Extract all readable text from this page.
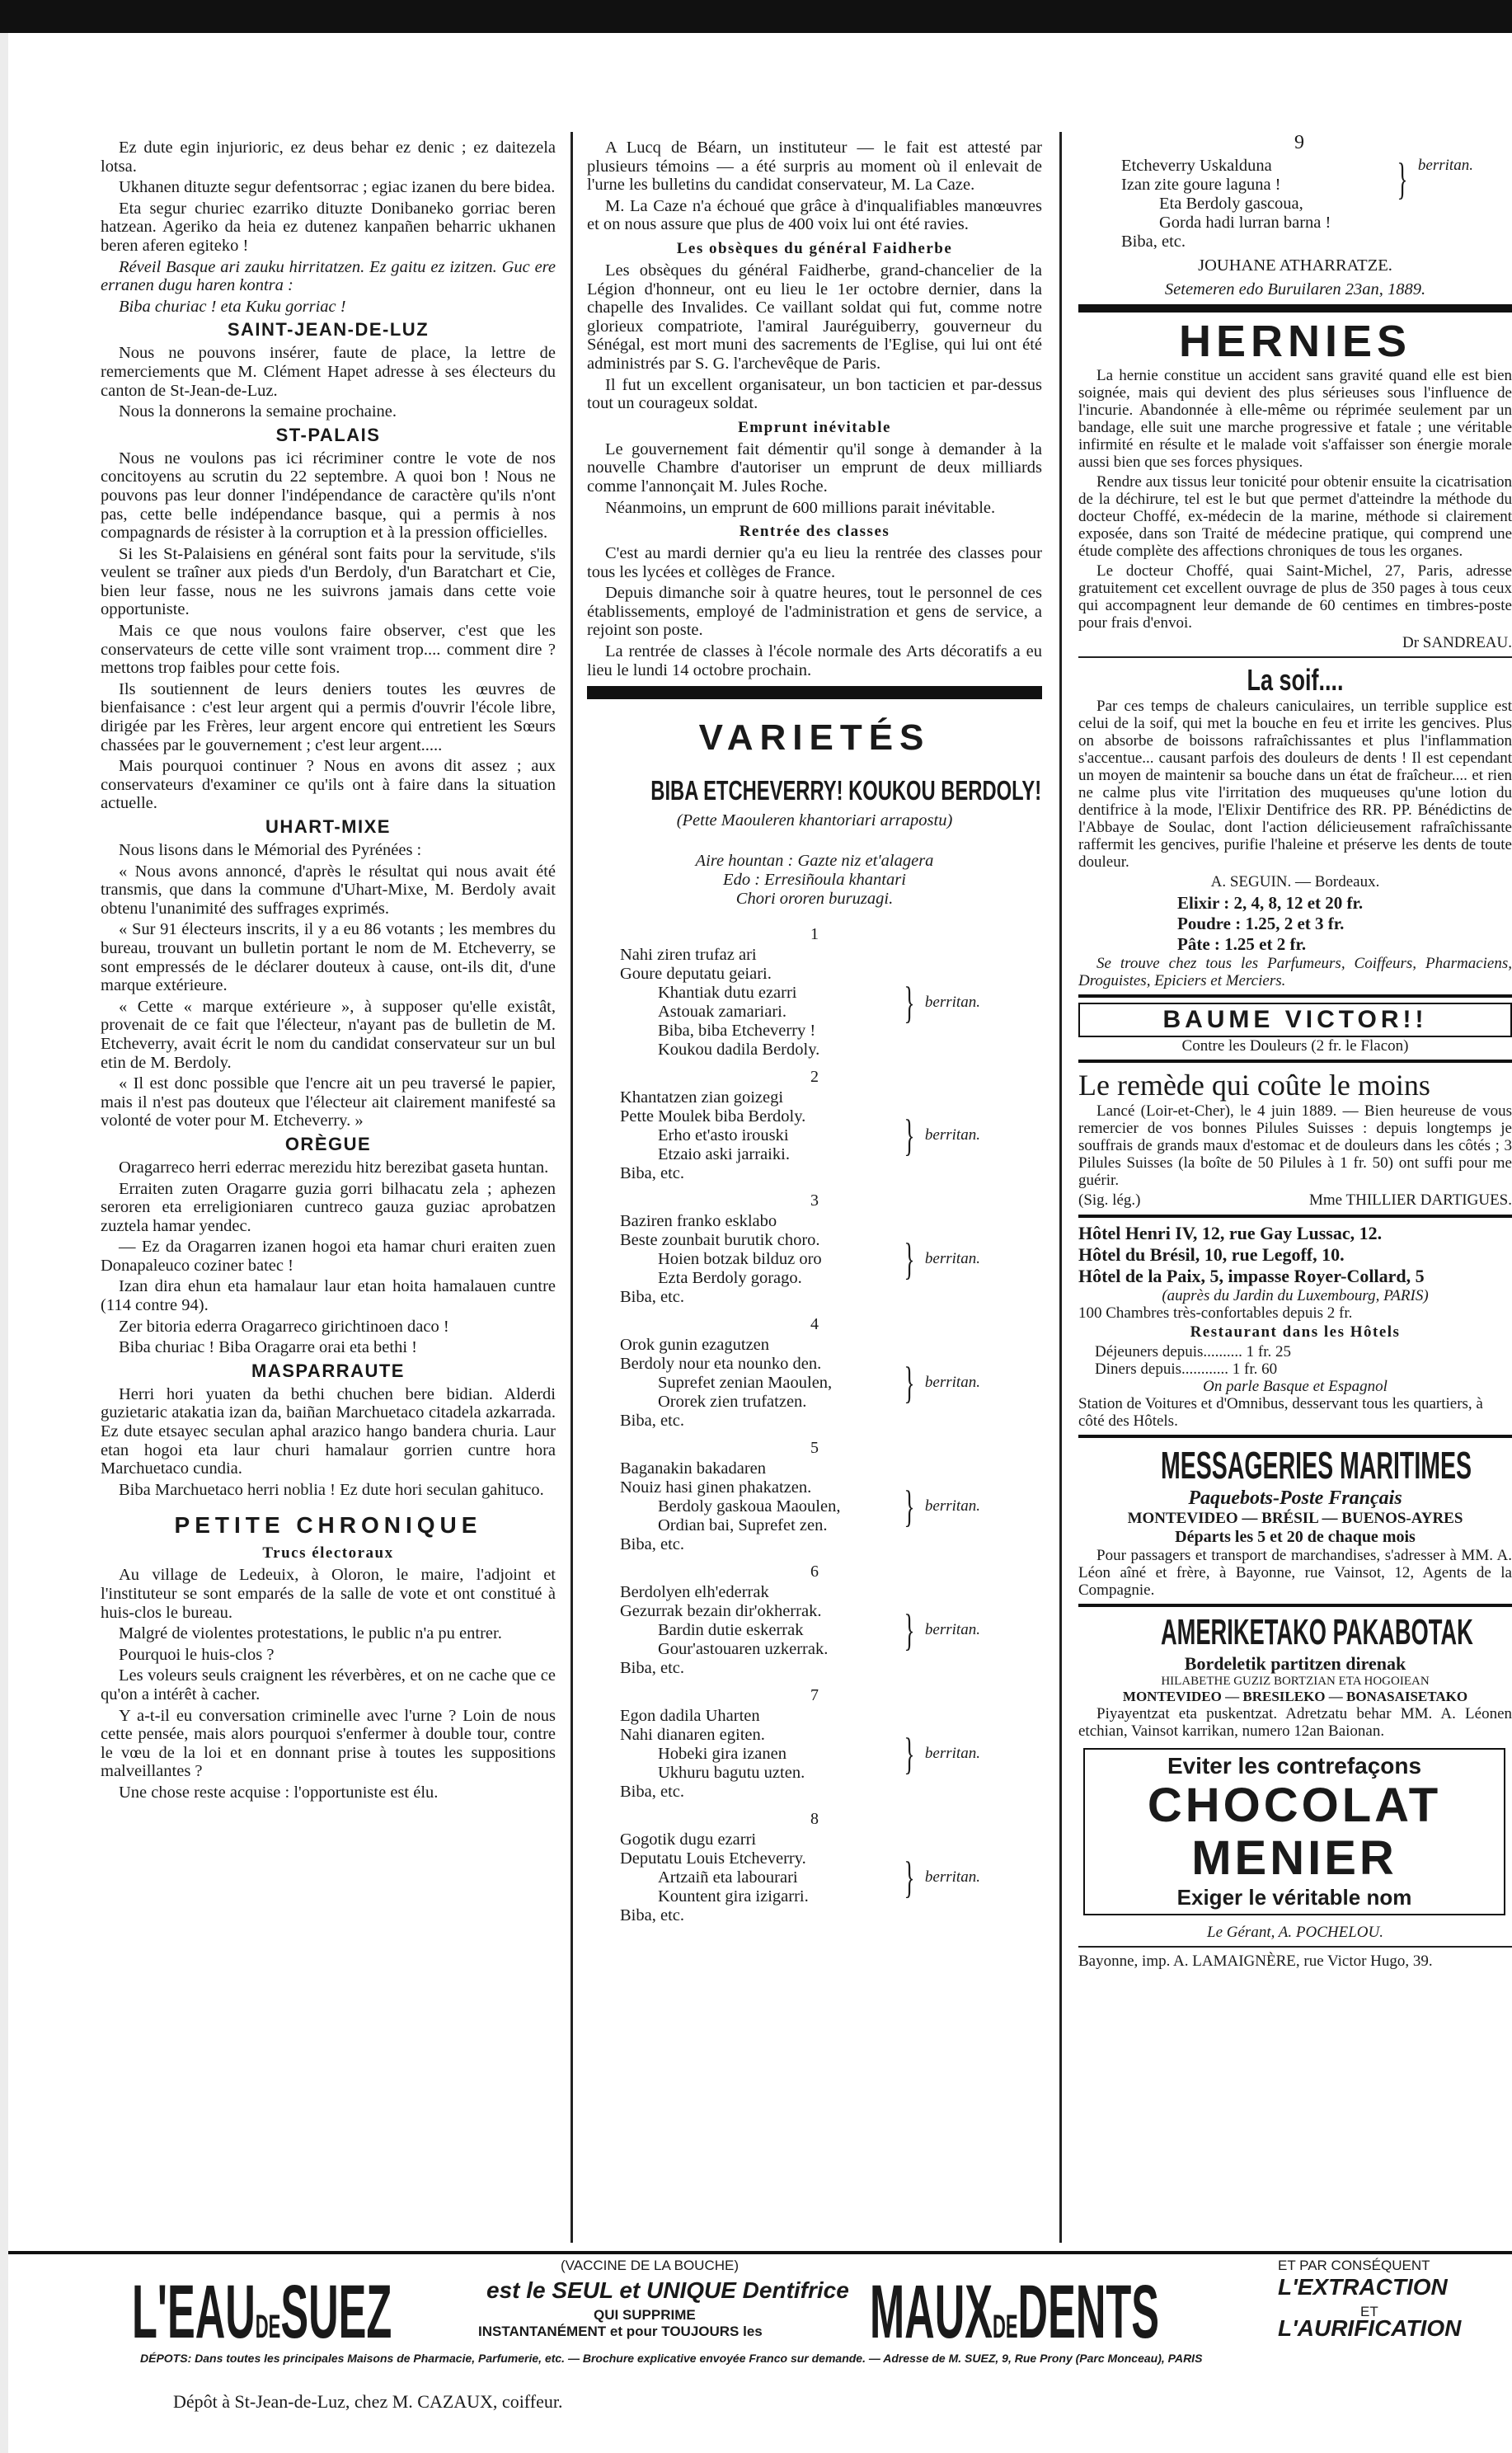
9

Ez dute egin injurioric, ez deus behar ez denic ; ez daitezela lotsa.

Ukhanen dituzte segur defentsorrac ; egiac izanen du bere bidea.

Eta segur churiec ezarriko dituzte Donibaneko gorriac beren hatzean. Ageriko da heia ez dutenez kanpañen beharric ukhanen beren aferen egiteko !

Réveil Basque ari zauku hirritatzen. Ez gaitu ez izitzen. Guc ere erranen dugu haren kontra :

Biba churiac ! eta Kuku gorriac !

SAINT-JEAN-DE-LUZ

Nous ne pouvons insérer, faute de place, la lettre de remerciements que M. Clément Hapet adresse à ses électeurs du canton de St-Jean-de-Luz.

Nous la donnerons la semaine prochaine.

ST-PALAIS

Nous ne voulons pas ici récriminer contre le vote de nos concitoyens au scrutin du 22 septembre. A quoi bon ! Nous ne pouvons pas leur donner l'indépendance de caractère qu'ils n'ont pas, cette belle indépendance basque, qui a permis à nos compagnards de résister à la corruption et à la pression officielles.

Si les St-Palaisiens en général sont faits pour la servitude, s'ils veulent se traîner aux pieds d'un Berdoly, d'un Baratchart et Cie, bien leur fasse, nous ne les suivrons jamais dans cette voie opportuniste.

Mais ce que nous voulons faire observer, c'est que les conservateurs de cette ville sont vraiment trop.... comment dire ? mettons trop faibles pour cette fois.

Ils soutiennent de leurs deniers toutes les œuvres de bienfaisance : c'est leur argent qui a permis d'ouvrir l'école libre, dirigée par les Frères, leur argent encore qui entretient les Sœurs chassées par le gouvernement ; c'est leur argent.....

Mais pourquoi continuer ? Nous en avons dit assez ; aux conservateurs d'examiner ce qu'ils ont à faire dans la situation actuelle.

UHART-MIXE

Nous lisons dans le Mémorial des Pyrénées :

« Nous avons annoncé, d'après le résultat qui nous avait été transmis, que dans la commune d'Uhart-Mixe, M. Berdoly avait obtenu l'unanimité des suffrages exprimés.

« Sur 91 électeurs inscrits, il y a eu 86 votants ; les membres du bureau, trouvant un bulletin portant le nom de M. Etcheverry, se sont empressés de le déclarer douteux à cause, ont-ils dit, d'une marque extérieure.

« Cette « marque extérieure », à supposer qu'elle existât, provenait de ce fait que l'électeur, n'ayant pas de bulletin de M. Etcheverry, avait écrit le nom du candidat conservateur sur un bul etin de M. Berdoly.

« Il est donc possible que l'encre ait un peu traversé le papier, mais il n'est pas douteux que l'électeur ait clairement manifesté sa volonté de voter pour M. Etcheverry. »

ORÈGUE

Oragarreco herri ederrac merezidu hitz berezibat gaseta huntan.

Erraiten zuten Oragarre guzia gorri bilhacatu zela ; aphezen seroren eta erreligioniaren cuntreco gauza guziac aprobatzen zuztela hamar yendec.

— Ez da Oragarren izanen hogoi eta hamar churi eraiten zuen Donapaleuco coziner batec !

Izan dira ehun eta hamalaur laur etan hoita hamalauen cuntre (114 contre 94).

Zer bitoria ederra Oragarreco girichtinoen daco !

Biba churiac ! Biba Oragarre orai eta bethi !

MASPARRAUTE

Herri hori yuaten da bethi chuchen bere bidian. Alderdi guzietaric atakatia izan da, baiñan Marchuetaco citadela azkarrada. Ez dute etsayec seculan aphal arazico hango bandera churia. Laur etan hogoi eta laur churi hamalaur gorrien cuntre hora Marchuetaco cundia.

Biba Marchuetaco herri noblia ! Ez dute hori seculan gahituco.

PETITE CHRONIQUE
Trucs électoraux

Au village de Ledeuix, à Oloron, le maire, l'adjoint et l'instituteur se sont emparés de la salle de vote et ont constitué à huis-clos le bureau.

Malgré de violentes protestations, le public n'a pu entrer.

Pourquoi le huis-clos ?

Les voleurs seuls craignent les réverbères, et on ne cache que ce qu'on a intérêt à cacher.

Y a-t-il eu conversation criminelle avec l'urne ? Loin de nous cette pensée, mais alors pourquoi s'enfermer à double tour, contre le vœu de la loi et en donnant prise à toutes les suppositions malveillantes ?

Une chose reste acquise : l'opportuniste est élu.

A Lucq de Béarn, un instituteur — le fait est attesté par plusieurs témoins — a été surpris au moment où il enlevait de l'urne les bulletins du candidat conservateur, M. La Caze.

M. La Caze n'a échoué que grâce à d'inqualifiables manœuvres et on nous assure que plus de 400 voix lui ont été ravies.

Les obsèques du général Faidherbe

Les obsèques du général Faidherbe, grand-chancelier de la Légion d'honneur, ont eu lieu le 1er octobre dernier, dans la chapelle des Invalides. Ce vaillant soldat qui fut, comme notre glorieux compatriote, l'amiral Jauréguiberry, gouverneur du Sénégal, est mort muni des sacrements de l'Eglise, qui lui ont été administrés par S. G. l'archevêque de Paris.

Il fut un excellent organisateur, un bon tacticien et par-dessus tout un courageux soldat.

Emprunt inévitable

Le gouvernement fait démentir qu'il songe à demander à la nouvelle Chambre d'autoriser un emprunt de deux milliards comme l'annonçait M. Jules Roche.

Néanmoins, un emprunt de 600 millions parait inévitable.

Rentrée des classes

C'est au mardi dernier qu'a eu lieu la rentrée des classes pour tous les lycées et collèges de France.

Depuis dimanche soir à quatre heures, tout le personnel de ces établissements, employé de l'administration et gens de service, a rejoint son poste.

La rentrée de classes à l'école normale des Arts décoratifs a eu lieu le lundi 14 octobre prochain.

VARIETÉS
BIBA ETCHEVERRY! KOUKOU BERDOLY!

(Pette Maouleren khantoriari arrapostu)

Aire hountan : Gazte niz et'alagera
Edo : Erresiñoula khantari
Chori ororen buruzagi.
1
Nahi ziren trufaz ari
Goure deputatu geiari.
Khantiak dutu ezarri
Astouak zamariari.
Biba, biba Etcheverry !
Koukou dadila Berdoly.
} berritan.
2
Khantatzen zian goizegi
Pette Moulek biba Berdoly.
Erho et'asto irouski
Etzaio aski jarraiki.
Biba, etc.
} berritan.
3
Baziren franko esklabo
Beste zounbait burutik choro.
Hoien botzak bilduz oro
Ezta Berdoly gorago.
Biba, etc.
} berritan.
4
Orok gunin ezagutzen
Berdoly nour eta nounko den.
Suprefet zenian Maoulen,
Ororek zien trufatzen.
Biba, etc.
} berritan.
5
Baganakin bakadaren
Nouiz hasi ginen phakatzen.
Berdoly gaskoua Maoulen,
Ordian bai, Suprefet zen.
Biba, etc.
} berritan.
6
Berdolyen elh'ederrak
Gezurrak bezain dir'okherrak.
Bardin dutie eskerrak
Gour'astouaren uzkerrak.
Biba, etc.
} berritan.
7
Egon dadila Uharten
Nahi dianaren egiten.
Hobeki gira izanen
Ukhuru bagutu uzten.
Biba, etc.
} berritan.
8
Gogotik dugu ezarri
Deputatu Louis Etcheverry.
Artzaiñ eta labourari
Kountent gira izigarri.
Biba, etc.
} berritan.
Etcheverry Uskalduna
Izan zite goure laguna !
Eta Berdoly gascoua,
Gorda hadi lurran barna !
Biba, etc.
} berritan.
JOUHANE ATHARRATZE.
Setemeren edo Buruilaren 23an, 1889.
HERNIES

La hernie constitue un accident sans gravité quand elle est bien soignée, mais qui devient des plus sérieuses sous l'influence de l'incurie. Abandonnée à elle-même ou réprimée seulement par un bandage, elle suit une marche progressive et fatale ; une véritable infirmité en résulte et le malade voit s'affaisser son énergie morale aussi bien que ses forces physiques.

Rendre aux tissus leur tonicité pour obtenir ensuite la cicatrisation de la déchirure, tel est le but que permet d'atteindre la méthode du docteur Choffé, ex-médecin de la marine, méthode si clairement exposée, dans son Traité de médecine pratique, qui comprend une étude complète des affections chroniques de tous les organes.

Le docteur Choffé, quai Saint-Michel, 27, Paris, adresse gratuitement cet excellent ouvrage de plus de 350 pages à tous ceux qui accompagnent leur demande de 60 centimes en timbres-poste pour frais d'envoi.

Dr SANDREAU.

La soif....

Par ces temps de chaleurs caniculaires, un terrible supplice est celui de la soif, qui met la bouche en feu et irrite les gencives. Plus on absorbe de boissons rafraîchissantes et plus l'inflammation s'accentue... causant parfois des douleurs de dents ! Il est cependant un moyen de maintenir sa bouche dans un état de fraîcheur.... et rien ne calme plus vite l'irritation des muqueuses qu'une lotion du dentifrice à la mode, l'Elixir Dentifrice des RR. PP. Bénédictins de l'Abbaye de Soulac, dont l'action délicieusement rafraîchissante raffermit les gencives, purifie l'haleine et préserve les dents de toute douleur.

A. SEGUIN. — Bordeaux.

Elixir : 2, 4, 8, 12 et 20 fr.
Poudre : 1.25, 2 et 3 fr.
Pâte : 1.25 et 2 fr.

Se trouve chez tous les Parfumeurs, Coiffeurs, Pharmaciens, Droguistes, Epiciers et Merciers.

BAUME VICTOR!!

Contre les Douleurs (2 fr. le Flacon)

Le remède qui coûte le moins

Lancé (Loir-et-Cher), le 4 juin 1889. — Bien heureuse de vous remercier de vos bonnes Pilules Suisses : depuis longtemps je souffrais de grands maux d'estomac et de douleurs dans les côtés ; 3 Pilules Suisses (la boîte de 50 Pilules à 1 fr. 50) ont suffi pour me guérir.

(Sig. lég.)	Mme THILLIER DARTIGUES.
Hôtel Henri IV, 12, rue Gay Lussac, 12.
Hôtel du Brésil, 10, rue Legoff, 10.
Hôtel de la Paix, 5, impasse Royer-Collard, 5
(auprès du Jardin du Luxembourg, PARIS)
100 Chambres très-confortables depuis 2 fr.
Restaurant dans les Hôtels
Déjeuners depuis.......... 1 fr. 25
Diners depuis............ 1 fr. 60
On parle Basque et Espagnol
Station de Voitures et d'Omnibus, desservant tous les quartiers, à côté des Hôtels.
MESSAGERIES MARITIMES
Paquebots-Poste Français
MONTEVIDEO — BRÉSIL — BUENOS-AYRES
Départs les 5 et 20 de chaque mois

Pour passagers et transport de marchandises, s'adresser à MM. A. Léon aîné et frère, à Bayonne, rue Vainsot, 12, Agents de la Compagnie.

AMERIKETAKO PAKABOTAK
Bordeletik partitzen direnak
HILABETHE GUZIZ BORTZIAN ETA HOGOIEAN
MONTEVIDEO — BRESILEKO — BONASAISETAKO

Piyayentzat eta puskentzat. Adretzatu behar MM. A. Léonen etchian, Vainsot karrikan, numero 12an Baionan.

Eviter les contrefaçons
CHOCOLAT
MENIER
Exiger le véritable nom
Le Gérant, A. POCHELOU.
Bayonne, imp. A. LAMAIGNÈRE, rue Victor Hugo, 39.
L'EAUDESUEZ
(VACCINE DE LA BOUCHE)
est le SEUL et UNIQUE Dentifrice
QUI SUPPRIME
INSTANTANÉMENT et pour TOUJOURS les MAUXDEDENTS
ET PAR CONSÉQUENT
L'EXTRACTION
ET
L'AURIFICATION
DÉPOTS: Dans toutes les principales Maisons de Pharmacie, Parfumerie, etc. — Brochure explicative envoyée Franco sur demande. — Adresse de M. SUEZ, 9, Rue Prony (Parc Monceau), PARIS
Dépôt à St-Jean-de-Luz, chez M. CAZAUX, coiffeur.
